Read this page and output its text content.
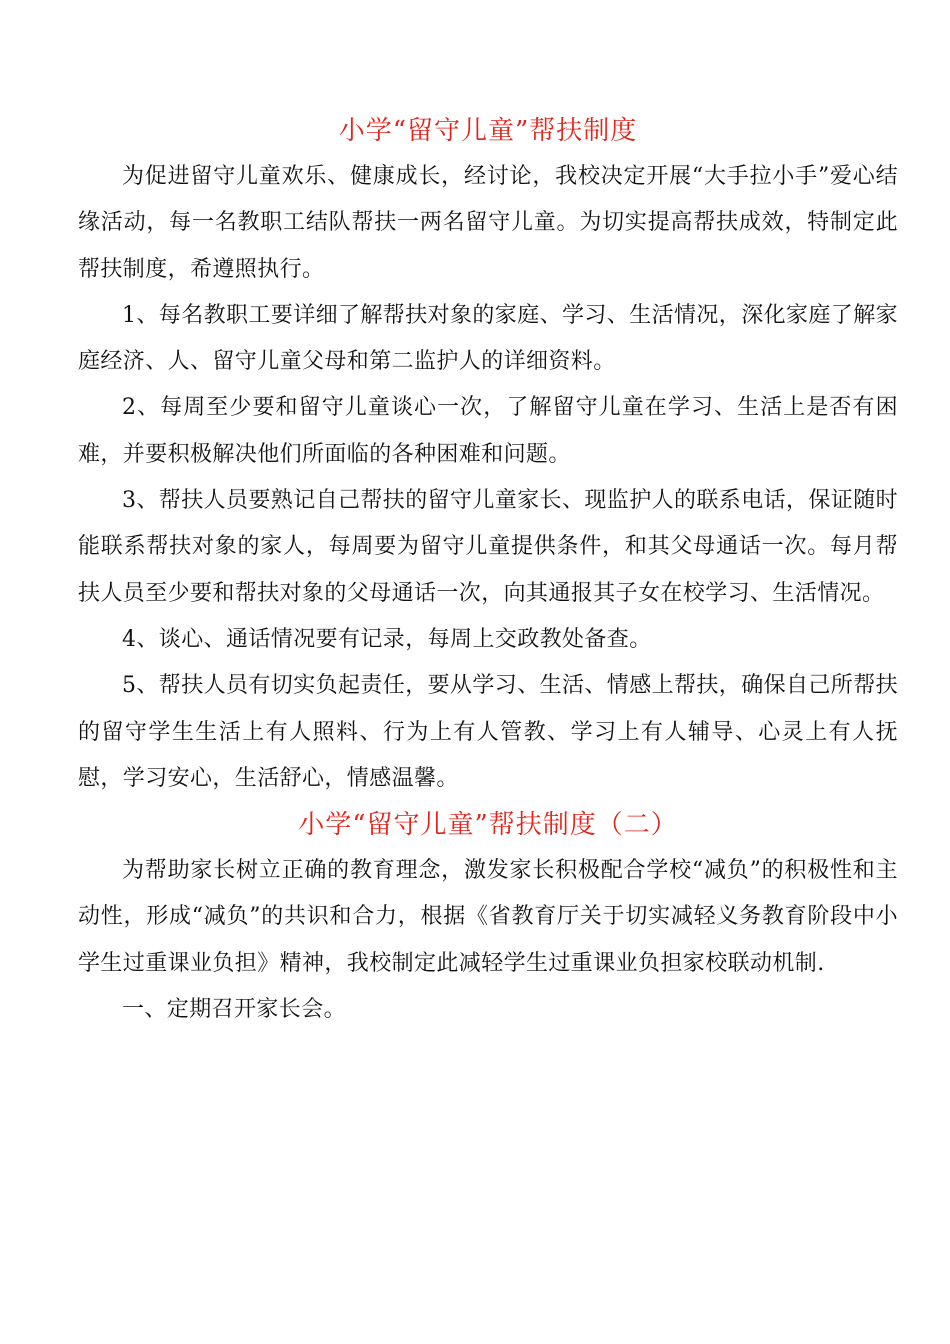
小学“留守儿童”帮扶制度

为促进留守儿童欢乐、健康成长，经讨论，我校决定开展“大手拉小手”爱心结缘活动，每一名教职工结队帮扶一两名留守儿童。为切实提高帮扶成效，特制定此帮扶制度，希遵照执行。

1、每名教职工要详细了解帮扶对象的家庭、学习、生活情况，深化家庭了解家庭经济、人、留守儿童父母和第二监护人的详细资料。

2、每周至少要和留守儿童谈心一次，了解留守儿童在学习、生活上是否有困难，并要积极解决他们所面临的各种困难和问题。

3、帮扶人员要熟记自己帮扶的留守儿童家长、现监护人的联系电话，保证随时能联系帮扶对象的家人，每周要为留守儿童提供条件，和其父母通话一次。每月帮扶人员至少要和帮扶对象的父母通话一次，向其通报其子女在校学习、生活情况。

4、谈心、通话情况要有记录，每周上交政教处备查。

5、帮扶人员有切实负起责任，要从学习、生活、情感上帮扶，确保自己所帮扶的留守学生生活上有人照料、行为上有人管教、学习上有人辅导、心灵上有人抚慰，学习安心，生活舒心，情感温馨。

小学“留守儿童”帮扶制度（二）

为帮助家长树立正确的教育理念，激发家长积极配合学校“减负”的积极性和主动性，形成“减负”的共识和合力，根据《省教育厅关于切实减轻义务教育阶段中小学生过重课业负担》精神，我校制定此减轻学生过重课业负担家校联动机制.

一、定期召开家长会。
